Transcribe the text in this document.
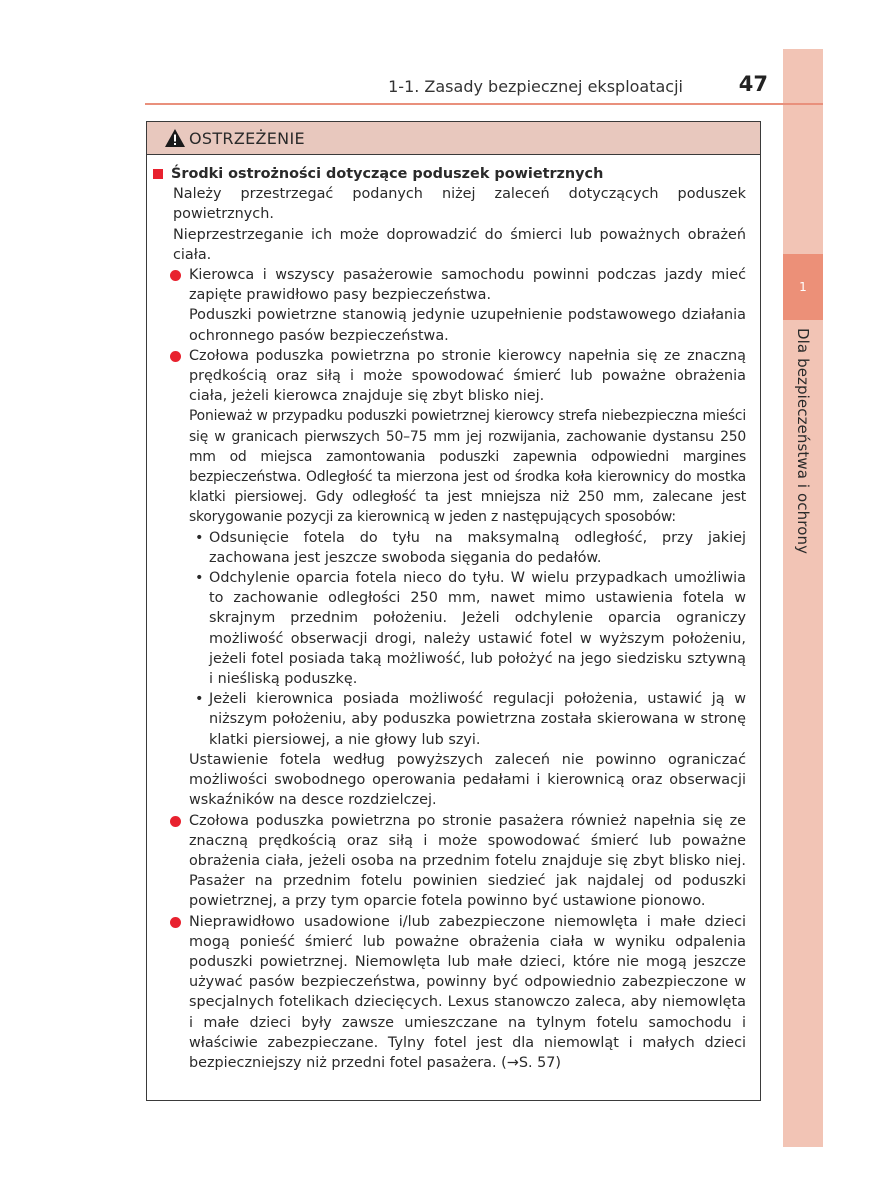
1
Dla bezpieczeństwa i ochrony
1-1. Zasady bezpiecznej eksploatacji	47
OSTRZEŻENIE
Środki ostrożności dotyczące poduszek powietrznych
Należy przestrzegać podanych niżej zaleceń dotyczących poduszek powietrznych.
Nieprzestrzeganie ich może doprowadzić do śmierci lub poważnych obrażeń ciała.
Kierowca i wszyscy pasażerowie samochodu powinni podczas jazdy mieć zapięte prawidłowo pasy bezpieczeństwa.
Poduszki powietrzne stanowią jedynie uzupełnienie podstawowego działania ochronnego pasów bezpieczeństwa.
Czołowa poduszka powietrzna po stronie kierowcy napełnia się ze znaczną prędkością oraz siłą i może spowodować śmierć lub poważne obrażenia ciała, jeżeli kierowca znajduje się zbyt blisko niej.
Ponieważ w przypadku poduszki powietrznej kierowcy strefa niebezpieczna mieści się w granicach pierwszych 50–75 mm jej rozwijania, zachowanie dystansu 250 mm od miejsca zamontowania poduszki zapewnia odpowiedni margines bezpieczeństwa. Odległość ta mierzona jest od środka koła kierownicy do mostka klatki piersiowej. Gdy odległość ta jest mniejsza niż 250 mm, zalecane jest skorygowanie pozycji za kierownicą w jeden z następujących sposobów:
• Odsunięcie fotela do tyłu na maksymalną odległość, przy jakiej zachowana jest jeszcze swoboda sięgania do pedałów.
• Odchylenie oparcia fotela nieco do tyłu. W wielu przypadkach umożliwia to zachowanie odległości 250 mm, nawet mimo ustawienia fotela w skrajnym przednim położeniu. Jeżeli odchylenie oparcia ograniczy możliwość obserwacji drogi, należy ustawić fotel w wyższym położeniu, jeżeli fotel posiada taką możliwość, lub położyć na jego siedzisku sztywną i nieśliską poduszkę.
• Jeżeli kierownica posiada możliwość regulacji położenia, ustawić ją w niższym położeniu, aby poduszka powietrzna została skierowana w stronę klatki piersiowej, a nie głowy lub szyi.
Ustawienie fotela według powyższych zaleceń nie powinno ograniczać możliwości swobodnego operowania pedałami i kierownicą oraz obserwacji wskaźników na desce rozdzielczej.
Czołowa poduszka powietrzna po stronie pasażera również napełnia się ze znaczną prędkością oraz siłą i może spowodować śmierć lub poważne obrażenia ciała, jeżeli osoba na przednim fotelu znajduje się zbyt blisko niej. Pasażer na przednim fotelu powinien siedzieć jak najdalej od poduszki powietrznej, a przy tym oparcie fotela powinno być ustawione pionowo.
Nieprawidłowo usadowione i/lub zabezpieczone niemowlęta i małe dzieci mogą ponieść śmierć lub poważne obrażenia ciała w wyniku odpalenia poduszki powietrznej. Niemowlęta lub małe dzieci, które nie mogą jeszcze używać pasów bezpieczeństwa, powinny być odpowiednio zabezpieczone w specjalnych fotelikach dziecięcych. Lexus stanowczo zaleca, aby niemowlęta i małe dzieci były zawsze umieszczane na tylnym fotelu samochodu i właściwie zabezpieczane. Tylny fotel jest dla niemowląt i małych dzieci bezpieczniejszy niż przedni fotel pasażera. (→S. 57)
